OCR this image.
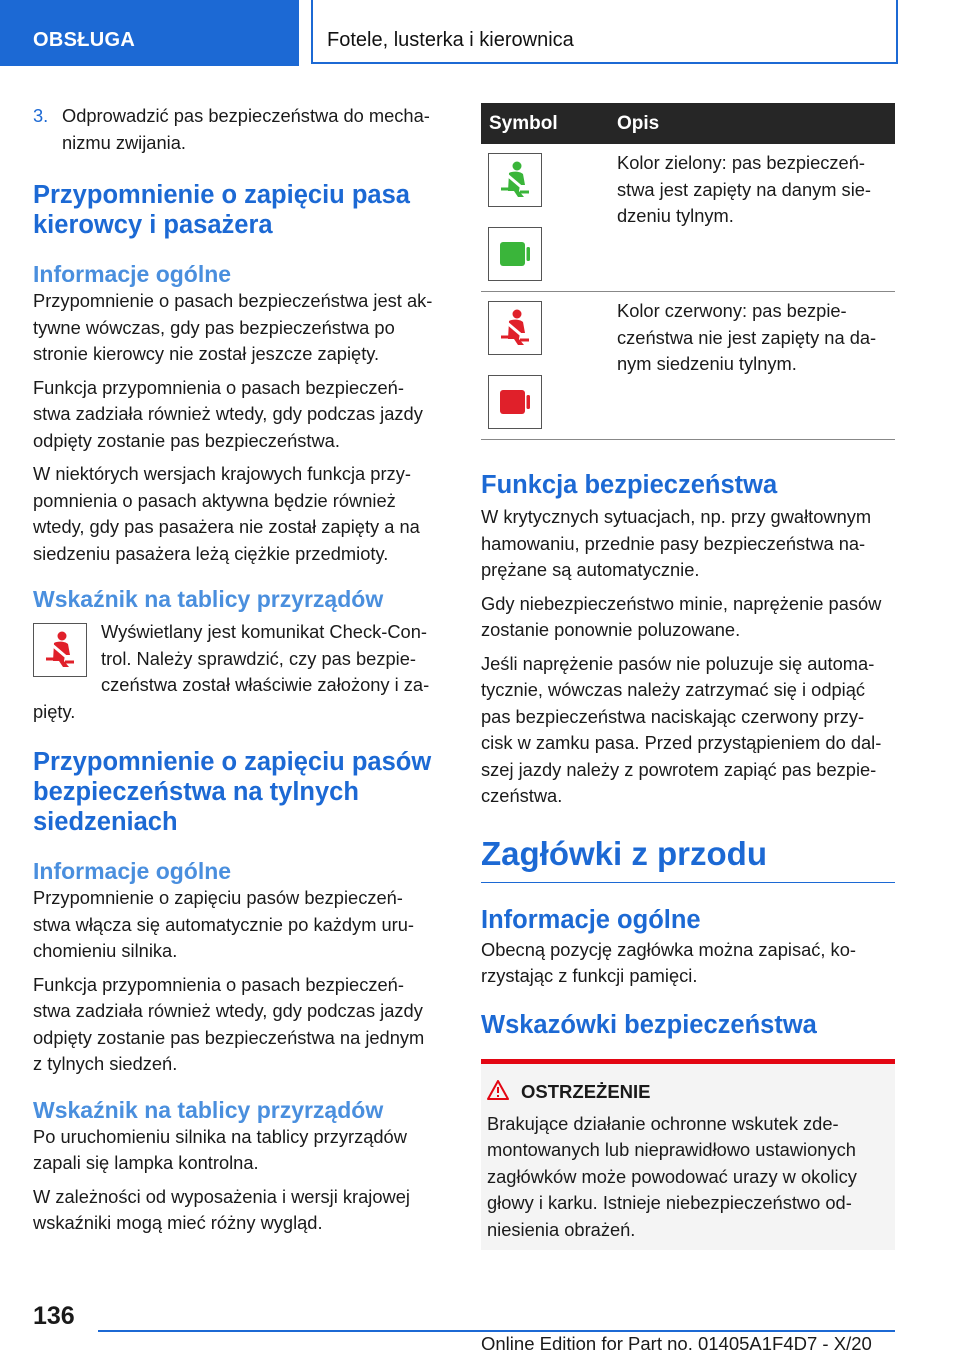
OBSŁUGA	Fotele, lusterka i kierownica
3. Odprowadzić pas bezpieczeństwa do mecha‐
nizmu zwijania.
Przypomnienie o zapięciu pasa
kierowcy i pasażera
Informacje ogólne
Przypomnienie o pasach bezpieczeństwa jest ak‐
tywne wówczas, gdy pas bezpieczeństwa po
stronie kierowcy nie został jeszcze zapięty.
Funkcja przypomnienia o pasach bezpieczeń‐
stwa zadziała również wtedy, gdy podczas jazdy
odpięty zostanie pas bezpieczeństwa.
W niektórych wersjach krajowych funkcja przy‐
pomnienia o pasach aktywna będzie również
wtedy, gdy pas pasażera nie został zapięty a na
siedzeniu pasażera leżą ciężkie przedmioty.
Wskaźnik na tablicy przyrządów
Wyświetlany jest komunikat Check-Con‐
trol. Należy sprawdzić, czy pas bezpie‐
czeństwa został właściwie założony i za‐
pięty.
Przypomnienie o zapięciu pasów
bezpieczeństwa na tylnych
siedzeniach
Informacje ogólne
Przypomnienie o zapięciu pasów bezpieczeń‐
stwa włącza się automatycznie po każdym uru‐
chomieniu silnika.
Funkcja przypomnienia o pasach bezpieczeń‐
stwa zadziała również wtedy, gdy podczas jazdy
odpięty zostanie pas bezpieczeństwa na jednym
z tylnych siedzeń.
Wskaźnik na tablicy przyrządów
Po uruchomieniu silnika na tablicy przyrządów
zapali się lampka kontrolna.
W zależności od wyposażenia i wersji krajowej
wskaźniki mogą mieć różny wygląd.
Symbol	Opis

	Kolor zielony: pas bezpieczeń‐
stwa jest zapięty na danym sie‐
dzeniu tylnym.

	Kolor czerwony: pas bezpie‐
czeństwa nie jest zapięty na da‐
nym siedzeniu tylnym.
Funkcja bezpieczeństwa
W krytycznych sytuacjach, np. przy gwałtownym
hamowaniu, przednie pasy bezpieczeństwa na‐
prężane są automatycznie.
Gdy niebezpieczeństwo minie, naprężenie pasów
zostanie ponownie poluzowane.
Jeśli naprężenie pasów nie poluzuje się automa‐
tycznie, wówczas należy zatrzymać się i odpiąć
pas bezpieczeństwa naciskając czerwony przy‐
cisk w zamku pasa. Przed przystąpieniem do dal‐
szej jazdy należy z powrotem zapiąć pas bezpie‐
czeństwa.
Zagłówki z przodu
Informacje ogólne
Obecną pozycję zagłówka można zapisać, ko‐
rzystając z funkcji pamięci.
Wskazówki bezpieczeństwa
OSTRZEŻENIE
Brakujące działanie ochronne wskutek zde‐
montowanych lub nieprawidłowo ustawionych
zagłówków może powodować urazy w okolicy
głowy i karku. Istnieje niebezpieczeństwo od‐
niesienia obrażeń.
136
Online Edition for Part no. 01405A1F4D7 - X/20
